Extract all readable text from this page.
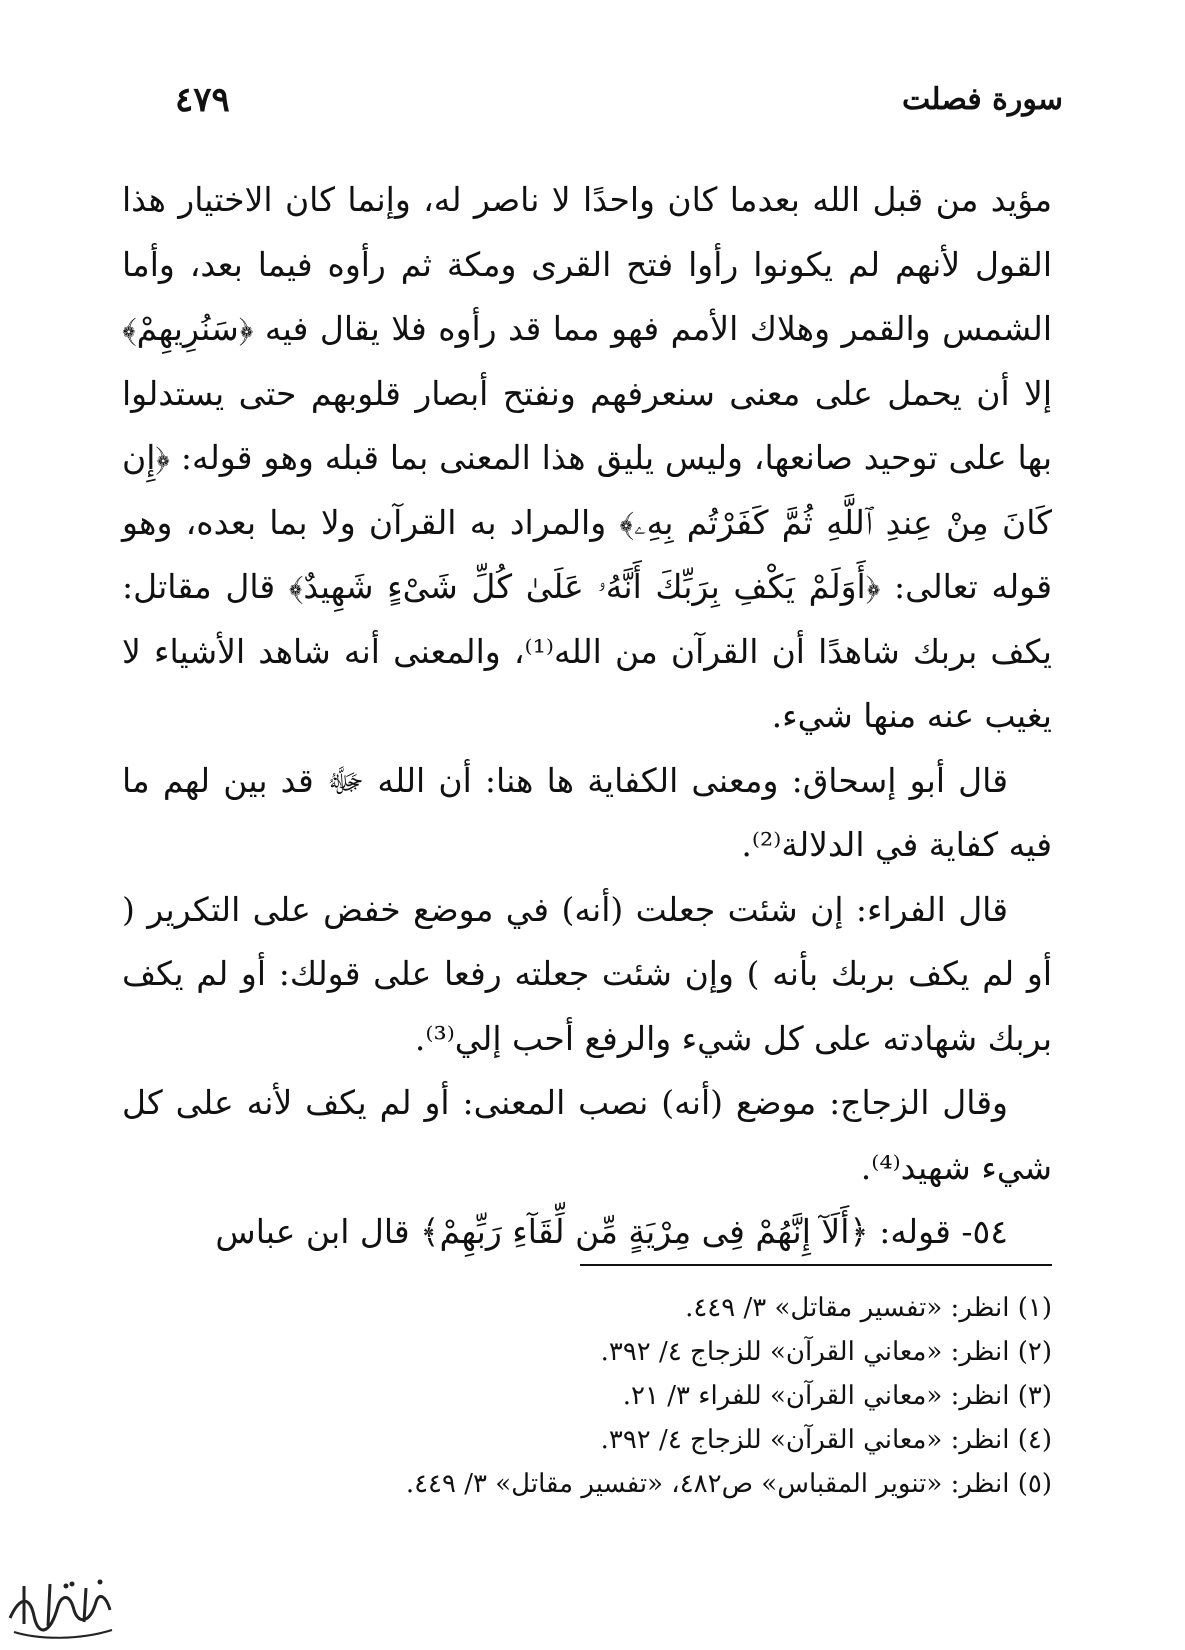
سورة فصلت
٤٧٩

مؤيد من قبل الله بعدما كان واحدًا لا ناصر له، وإنما كان الاختيار هذا القول لأنهم لم يكونوا رأوا فتح القرى ومكة ثم رأوه فيما بعد، وأما الشمس والقمر وهلاك الأمم فهو مما قد رأوه فلا يقال فيه ﴿سَنُرِيهِمْ﴾ إلا أن يحمل على معنى سنعرفهم ونفتح أبصار قلوبهم حتى يستدلوا بها على توحيد صانعها، وليس يليق هذا المعنى بما قبله وهو قوله: ﴿إِن كَانَ مِنْ عِندِ ٱللَّهِ ثُمَّ كَفَرْتُم بِهِۦ﴾ والمراد به القرآن ولا بما بعده، وهو قوله تعالى: ﴿أَوَلَمْ يَكْفِ بِرَبِّكَ أَنَّهُۥ عَلَىٰ كُلِّ شَىْءٍ شَهِيدٌ﴾ قال مقاتل: يكف بربك شاهدًا أن القرآن من الله⁽¹⁾، والمعنى أنه شاهد الأشياء لا يغيب عنه منها شيء.

قال أبو إسحاق: ومعنى الكفاية ها هنا: أن الله ﷻ قد بين لهم ما فيه كفاية في الدلالة⁽²⁾.

قال الفراء: إن شئت جعلت (أنه) في موضع خفض على التكرير ( أو لم يكف بربك بأنه ) وإن شئت جعلته رفعا على قولك: أو لم يكف بربك شهادته على كل شيء والرفع أحب إلي⁽³⁾.

وقال الزجاج: موضع (أنه) نصب المعنى: أو لم يكف لأنه على كل شيء شهيد⁽⁴⁾.

٥٤- قوله: ﴿أَلَآ إِنَّهُمْ فِى مِرْيَةٍ مِّن لِّقَآءِ رَبِّهِمْ﴾ قال ابن عباس

(١) انظر: «تفسير مقاتل» ٣/ ٤٤٩.
(٢) انظر: «معاني القرآن» للزجاج ٤/ ٣٩٢.
(٣) انظر: «معاني القرآن» للفراء ٣/ ٢١.
(٤) انظر: «معاني القرآن» للزجاج ٤/ ٣٩٢.
(٥) انظر: «تنوير المقباس» ص٤٨٢، «تفسير مقاتل» ٣/ ٤٤٩.
